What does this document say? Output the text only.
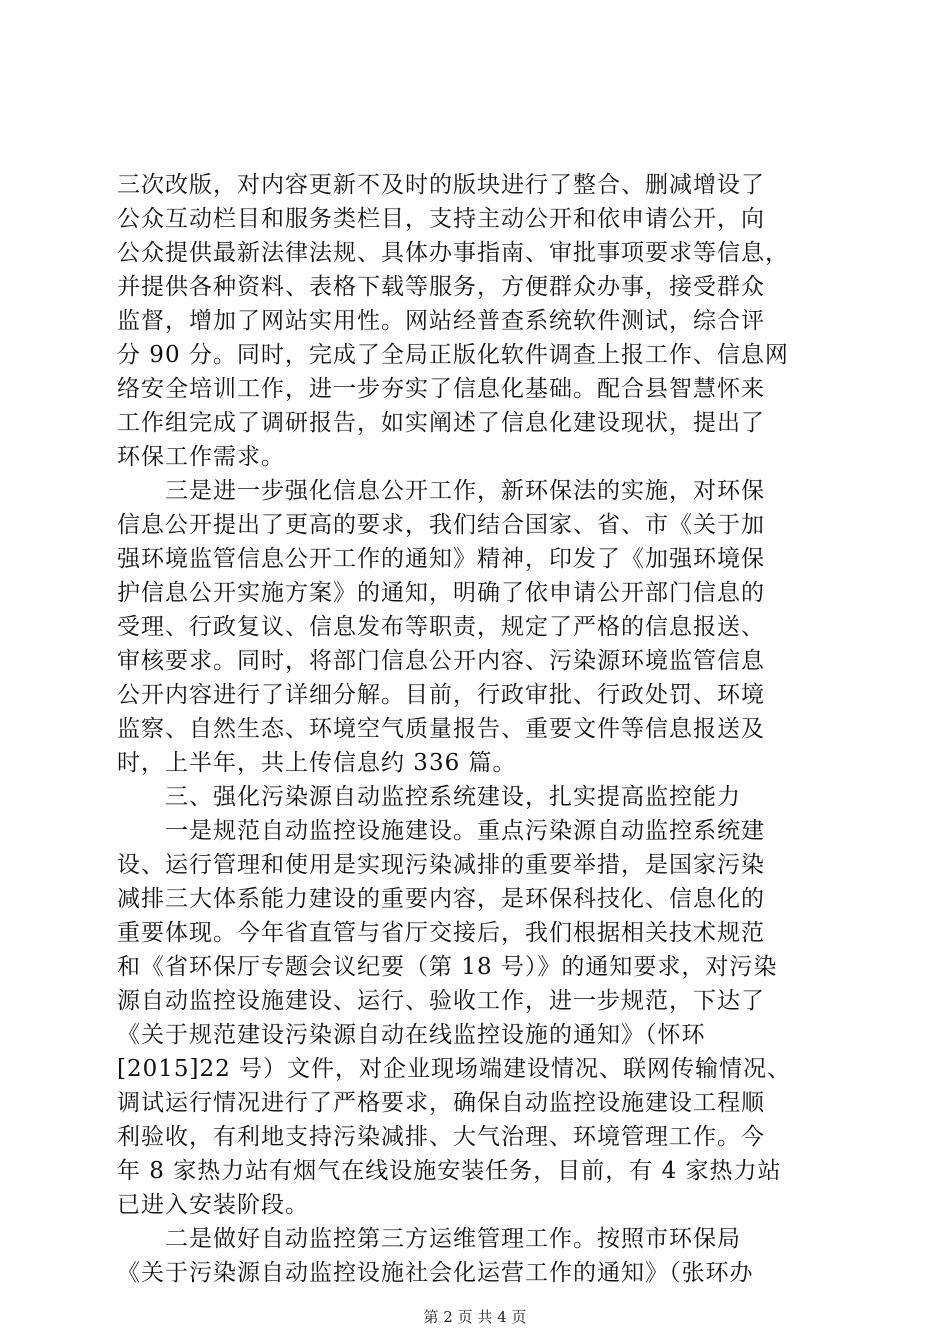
三次改版，对内容更新不及时的版块进行了整合、删减增设了
公众互动栏目和服务类栏目，支持主动公开和依申请公开，向
公众提供最新法律法规、具体办事指南、审批事项要求等信息，
并提供各种资料、表格下载等服务，方便群众办事，接受群众
监督，增加了网站实用性。网站经普查系统软件测试，综合评
分 90 分。同时，完成了全局正版化软件调查上报工作、信息网
络安全培训工作，进一步夯实了信息化基础。配合县智慧怀来
工作组完成了调研报告，如实阐述了信息化建设现状，提出了
环保工作需求。
　　三是进一步强化信息公开工作，新环保法的实施，对环保
信息公开提出了更高的要求，我们结合国家、省、市《关于加
强环境监管信息公开工作的通知》精神，印发了《加强环境保
护信息公开实施方案》的通知，明确了依申请公开部门信息的
受理、行政复议、信息发布等职责，规定了严格的信息报送、
审核要求。同时，将部门信息公开内容、污染源环境监管信息
公开内容进行了详细分解。目前，行政审批、行政处罚、环境
监察、自然生态、环境空气质量报告、重要文件等信息报送及
时，上半年，共上传信息约 336 篇。
　　三、强化污染源自动监控系统建设，扎实提高监控能力
　　一是规范自动监控设施建设。重点污染源自动监控系统建
设、运行管理和使用是实现污染减排的重要举措，是国家污染
减排三大体系能力建设的重要内容，是环保科技化、信息化的
重要体现。今年省直管与省厅交接后，我们根据相关技术规范
和《省环保厅专题会议纪要（第 18 号）》的通知要求，对污染
源自动监控设施建设、运行、验收工作，进一步规范，下达了
《关于规范建设污染源自动在线监控设施的通知》（怀环
[2015]22 号）文件，对企业现场端建设情况、联网传输情况、
调试运行情况进行了严格要求，确保自动监控设施建设工程顺
利验收，有利地支持污染减排、大气治理、环境管理工作。今
年 8 家热力站有烟气在线设施安装任务，目前，有 4 家热力站
已进入安装阶段。
　　二是做好自动监控第三方运维管理工作。按照市环保局
《关于污染源自动监控设施社会化运营工作的通知》（张环办
第 2 页 共 4 页
